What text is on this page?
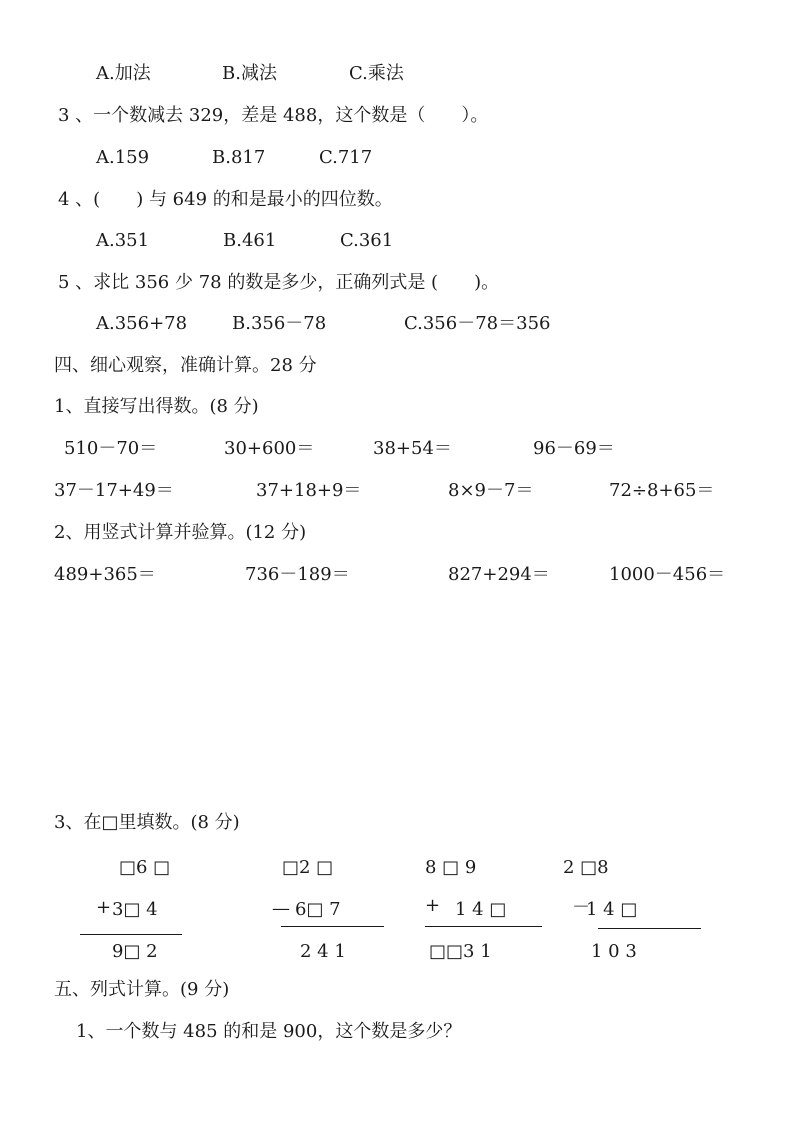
A.加法	B.减法	C.乘法
3 、一个数减去 329，差是 488，这个数是（　　）。
A.159	B.817	C.717
4 、(　　) 与 649 的和是最小的四位数。
A.351	B.461	C.361
5 、求比 356 少 78 的数是多少，正确列式是 (　　)。
A.356+78 B.356－78	C.356－78＝356
四、细心观察，准确计算。28 分
1、直接写出得数。(8 分)
510－70＝	30+600＝	38+54＝	96－69＝
37－17+49＝	37+18+9＝	8×9－7＝	72÷8+65＝
2、用竖式计算并验算。(12 分)
489+365＝	736－189＝	827+294＝	1000－456＝
3、在□里填数。(8 分)
□6 □
+ 3□ 4
9□ 2
□2 □
— 6□ 7
2 4 1
8 □ 9
+ 1 4 □
□□3 1
2 □8
－
1 4 □
1 0 3
五、列式计算。(9 分)
1、一个数与 485 的和是 900，这个数是多少？
